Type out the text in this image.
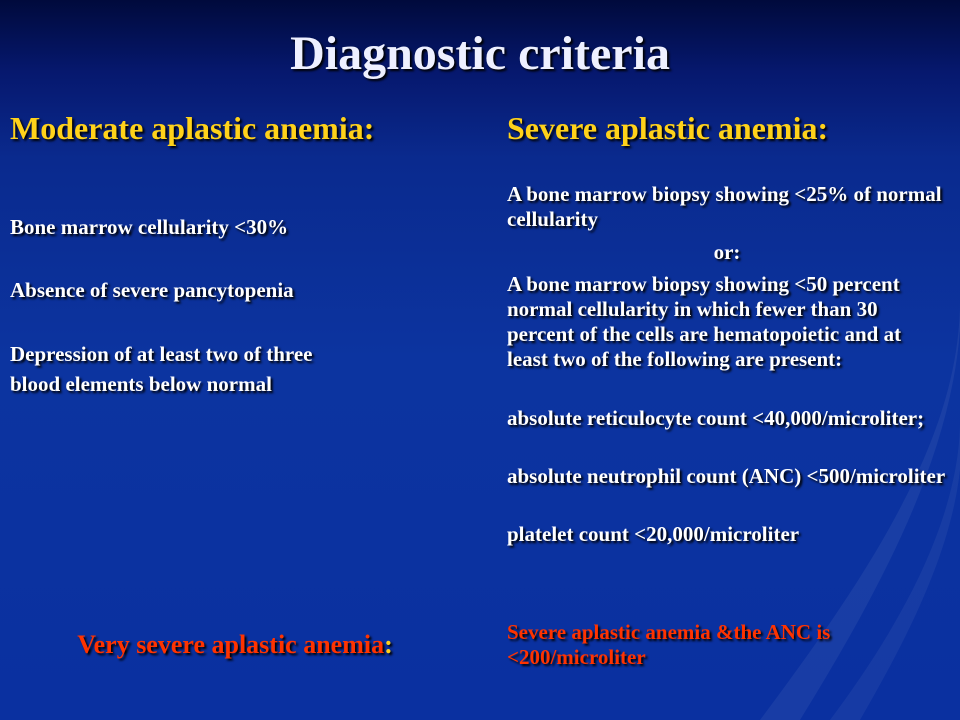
Diagnostic criteria
Moderate aplastic anemia:	Severe aplastic anemia:
Bone marrow cellularity <30%
Absence of severe pancytopenia
Depression of at least two of three
blood elements below normal
A bone marrow biopsy showing <25% of normal cellularity
or:
A bone marrow biopsy showing <50 percent normal cellularity in which fewer than 30 percent of the cells are hematopoietic and at least two of the following are present:
absolute reticulocyte count <40,000/microliter;
absolute neutrophil count (ANC) <500/microliter
platelet count <20,000/microliter
Very severe aplastic anemia:	Severe aplastic anemia &the ANC is <200/microliter
